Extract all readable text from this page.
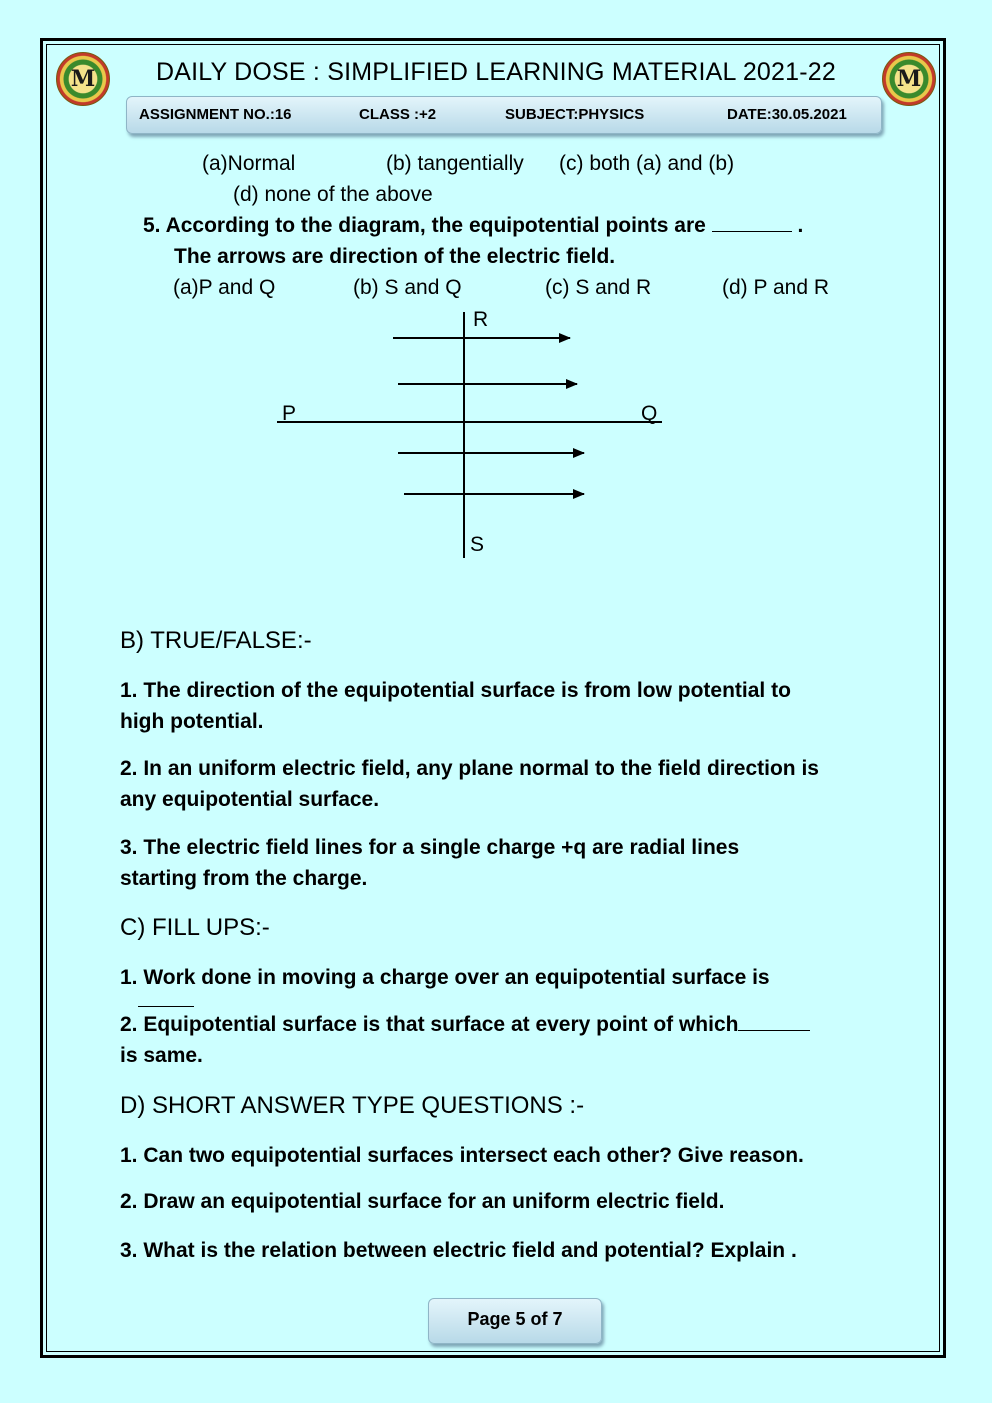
M	M
DAILY DOSE : SIMPLIFIED LEARNING MATERIAL 2021-22
ASSIGNMENT NO.:16	CLASS :+2	SUBJECT:PHYSICS	DATE:30.05.2021
(a)Normal	(b) tangentially (c) both (a) and (b)
(d) none of the above
5. According to the diagram, the equipotential points are	.
The arrows are direction of the electric field.
(a)P and Q	(b) S and Q	(c) S and R	(d) P and R
R
P	Q
S
B) TRUE/FALSE:-
1. The direction of the equipotential surface is from low potential to
high potential.
2. In an uniform electric field, any plane normal to the field direction is
any equipotential surface.
3. The electric field lines for a single charge +q are radial lines
starting from the charge.
C) FILL UPS:-
1. Work done in moving a charge over an equipotential surface is
2. Equipotential surface is that surface at every point of which
is same.
D) SHORT ANSWER TYPE QUESTIONS :-
1. Can two equipotential surfaces intersect each other? Give reason.
2. Draw an equipotential surface for an uniform electric field.
3. What is the relation between electric field and potential? Explain .
Page 5 of 7
